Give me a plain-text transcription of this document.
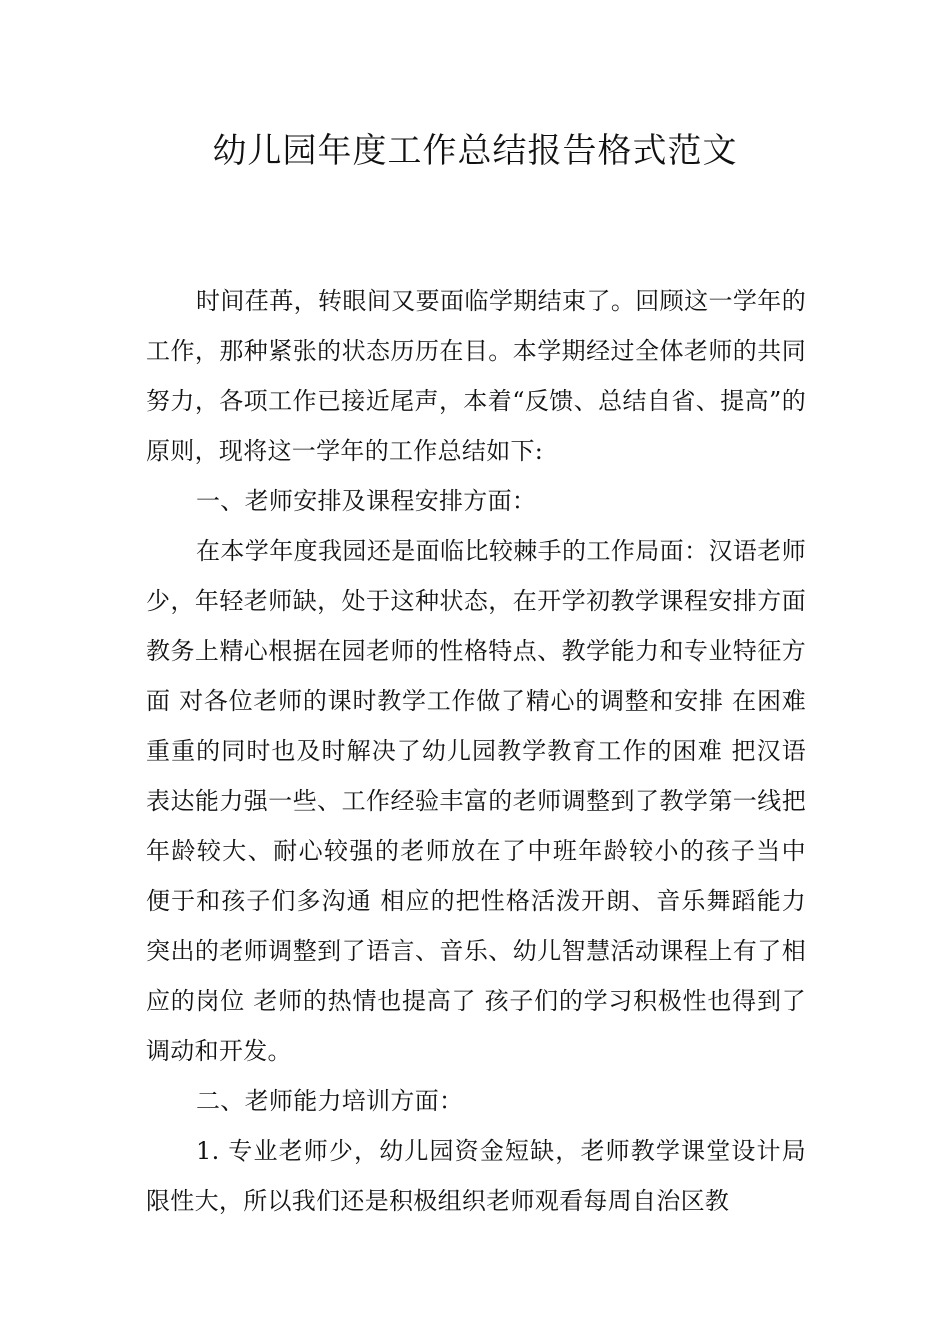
幼儿园年度工作总结报告格式范文

时间荏苒，转眼间又要面临学期结束了。回顾这一学年的工作，那种紧张的状态历历在目。本学期经过全体老师的共同努力，各项工作已接近尾声，本着“反馈、总结自省、提高”的原则，现将这一学年的工作总结如下:

一、老师安排及课程安排方面：

在本学年度我园还是面临比较棘手的工作局面：汉语老师少，年轻老师缺，处于这种状态，在开学初教学课程安排方面教务上精心根据在园老师的性格特点、教学能力和专业特征方面 对各位老师的课时教学工作做了精心的调整和安排 在困难重重的同时也及时解决了幼儿园教学教育工作的困难 把汉语表达能力强一些、工作经验丰富的老师调整到了教学第一线把年龄较大、耐心较强的老师放在了中班年龄较小的孩子当中 便于和孩子们多沟通 相应的把性格活泼开朗、音乐舞蹈能力突出的老师调整到了语言、音乐、幼儿智慧活动课程上有了相应的岗位 老师的热情也提高了 孩子们的学习积极性也得到了调动和开发。

二、老师能力培训方面：

1. 专业老师少，幼儿园资金短缺，老师教学课堂设计局限性大，所以我们还是积极组织老师观看每周自治区教
